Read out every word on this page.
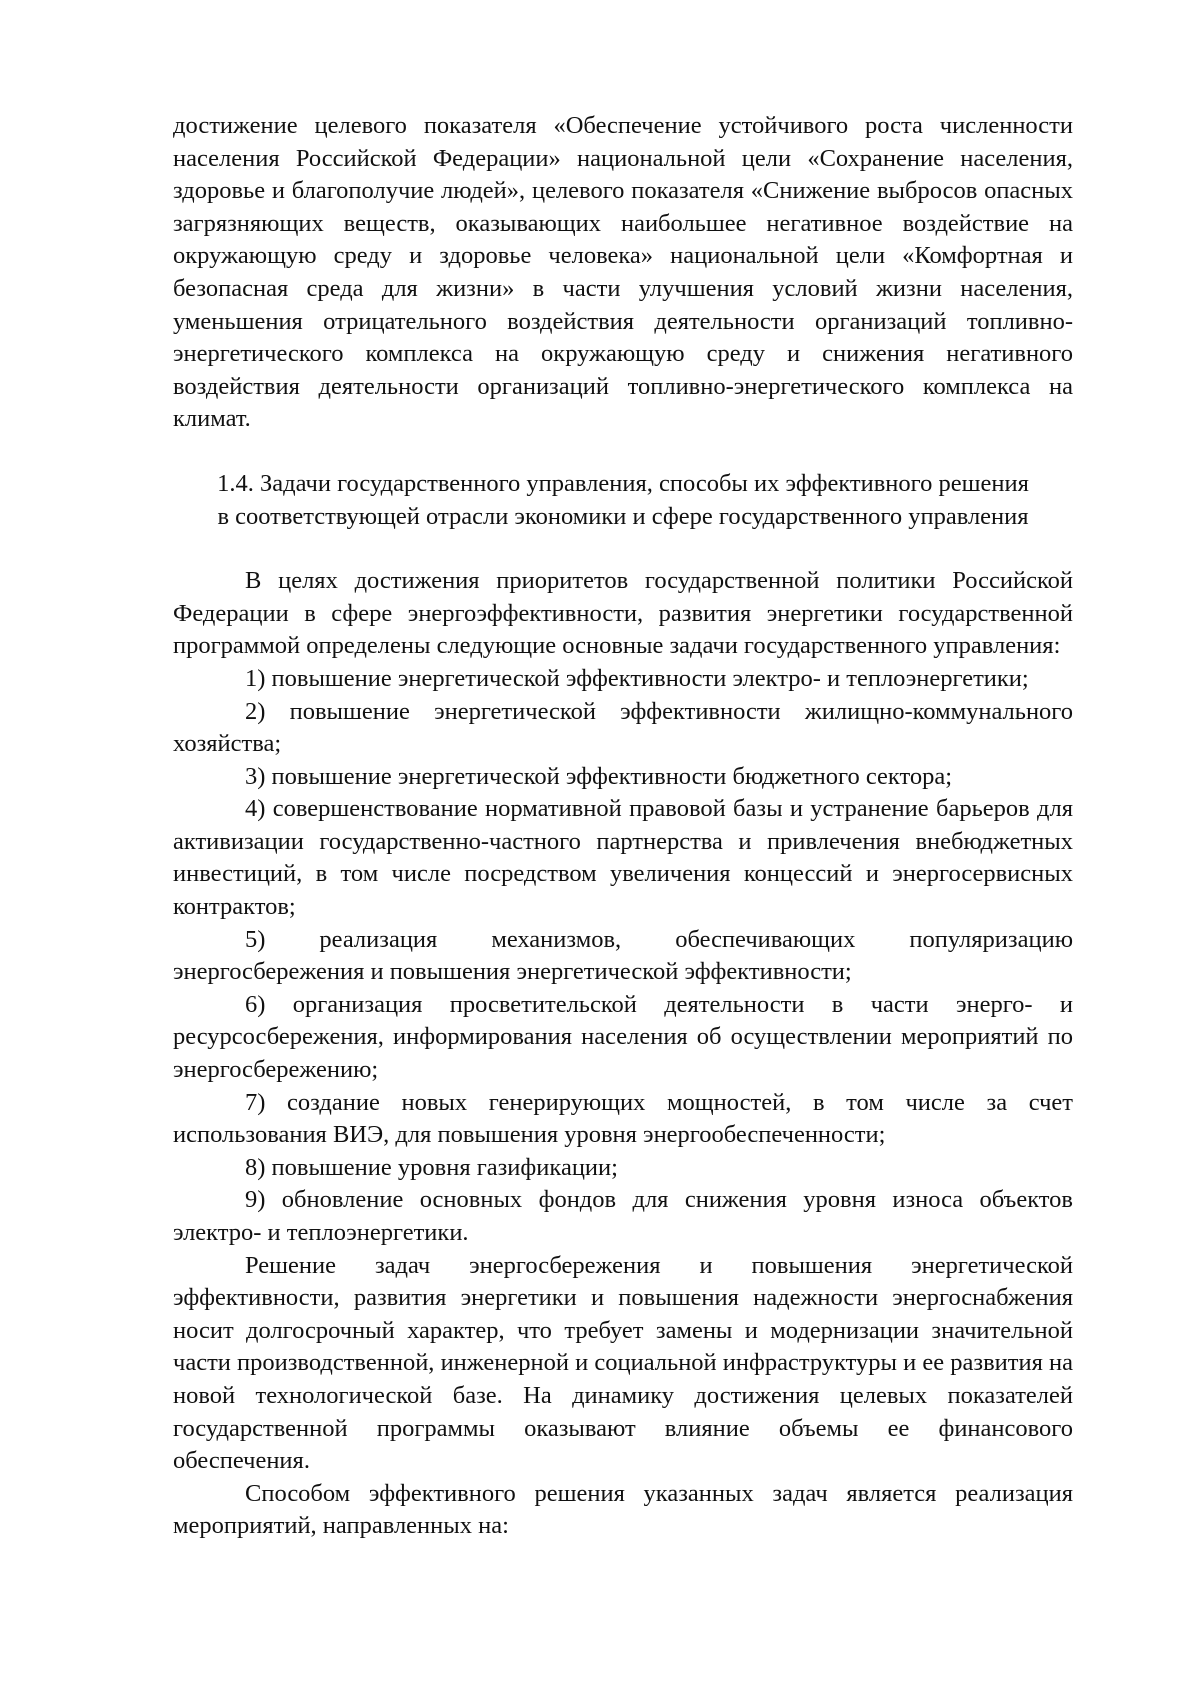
достижение целевого показателя «Обеспечение устойчивого роста численности населения Российской Федерации» национальной цели «Сохранение населения, здоровье и благополучие людей», целевого показателя «Снижение выбросов опасных загрязняющих веществ, оказывающих наибольшее негативное воздействие на окружающую среду и здоровье человека» национальной цели «Комфортная и безопасная среда для жизни» в части улучшения условий жизни населения, уменьшения отрицательного воздействия деятельности организаций топливно-энергетического комплекса на окружающую среду и снижения негативного воздействия деятельности организаций топливно-энергетического комплекса на климат.

1.4. Задачи государственного управления, способы их эффективного решения
в соответствующей отрасли экономики и сфере государственного управления

В целях достижения приоритетов государственной политики Российской Федерации в сфере энергоэффективности, развития энергетики государственной программой определены следующие основные задачи государственного управления:

1) повышение энергетической эффективности электро- и теплоэнергетики;

2) повышение энергетической эффективности жилищно-коммунального хозяйства;

3) повышение энергетической эффективности бюджетного сектора;

4) совершенствование нормативной правовой базы и устранение барьеров для активизации государственно-частного партнерства и привлечения внебюджетных инвестиций, в том числе посредством увеличения концессий и энергосервисных контрактов;

5) реализация механизмов, обеспечивающих популяризацию энергосбережения и повышения энергетической эффективности;

6) организация просветительской деятельности в части энерго- и ресурсосбережения, информирования населения об осуществлении мероприятий по энергосбережению;

7) создание новых генерирующих мощностей, в том числе за счет использования ВИЭ, для повышения уровня энергообеспеченности;

8) повышение уровня газификации;

9) обновление основных фондов для снижения уровня износа объектов электро- и теплоэнергетики.

Решение задач энергосбережения и повышения энергетической эффективности, развития энергетики и повышения надежности энергоснабжения носит долгосрочный характер, что требует замены и модернизации значительной части производственной, инженерной и социальной инфраструктуры и ее развития на новой технологической базе. На динамику достижения целевых показателей государственной программы оказывают влияние объемы ее финансового обеспечения.

Способом эффективного решения указанных задач является реализация мероприятий, направленных на:
